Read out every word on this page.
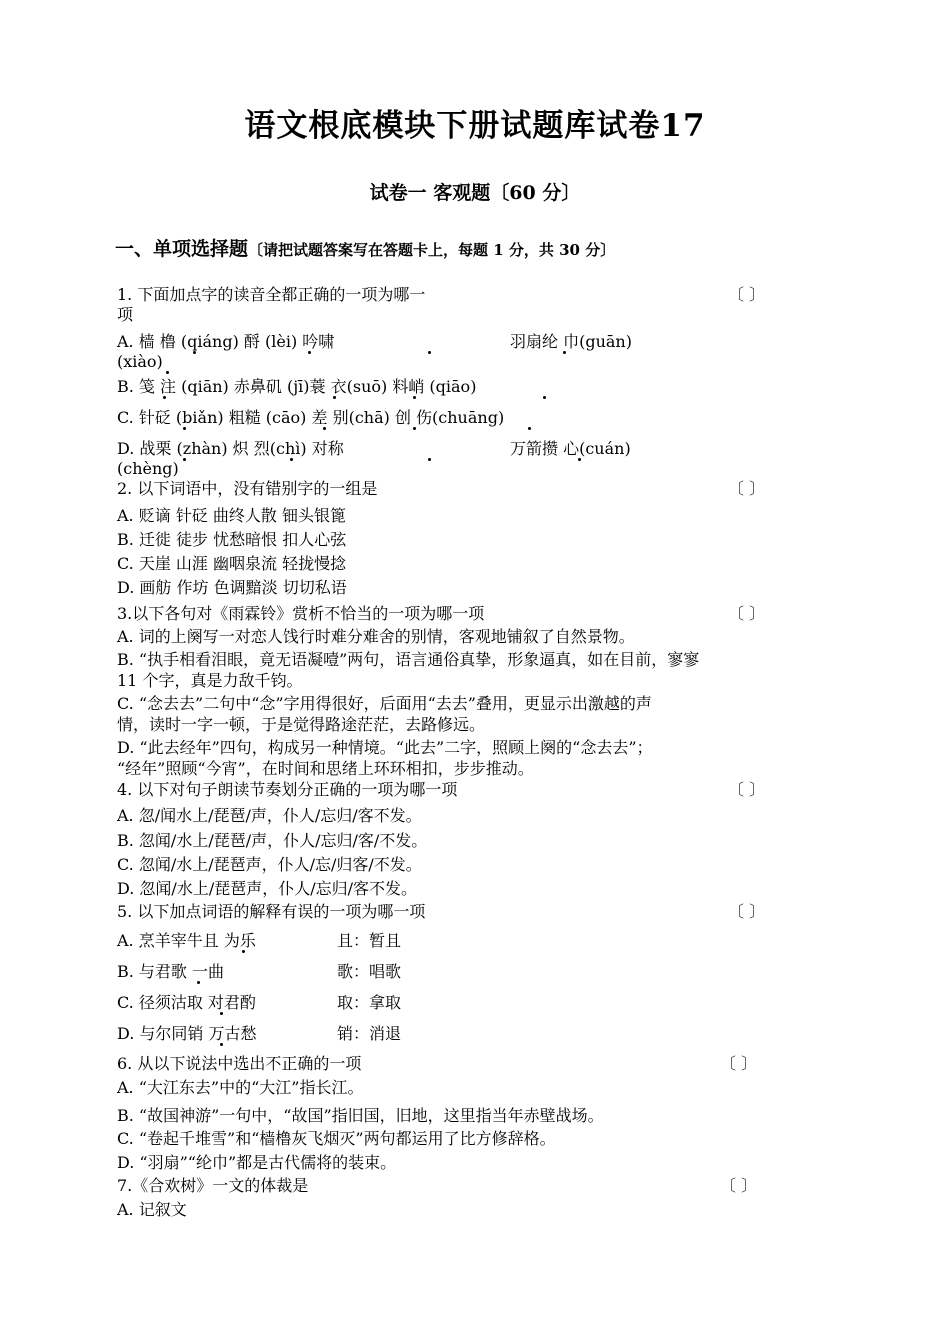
语文根底模块下册试题库试卷17
试卷一 客观题〔60 分〕
一、单项选择题〔请把试题答案写在答题卡上，每题 1 分，共 30 分〕
1. 下面加点字的读音全都正确的一项为哪一	〔 〕
项
A. 樯 橹 (qiáng) 酹 (lèi) 吟啸	羽扇纶 巾(guān)
(xiào)
B. 笺 注 (qiān) 赤鼻矶 (jī)蓑 衣(suō) 料峭 (qiāo)
C. 针砭 (biǎn) 粗糙 (cāo) 差 别(chā) 创 伤(chuāng)
D. 战栗 (zhàn) 炽 烈(chì) 对称	万箭攒 心(cuán)
(chèng)
2. 以下词语中，没有错别字的一组是	〔 〕
A. 贬谪 针砭 曲终人散 钿头银篦
B. 迁徙 徒步 忧愁暗恨 扣人心弦
C. 天崖 山涯 幽咽泉流 轻拢慢捻
D. 画舫 作坊 色调黯淡 切切私语
3.以下各句对《雨霖铃》赏析不恰当的一项为哪一项	〔 〕
A. 词的上阕写一对恋人饯行时难分难舍的别情，客观地铺叙了自然景物。
B. “执手相看泪眼，竟无语凝噎”两句，语言通俗真挚，形象逼真，如在目前，寥寥
11 个字，真是力敌千钧。
C. “念去去”二句中“念”字用得很好，后面用“去去”叠用，更显示出激越的声
情，读时一字一顿，于是觉得路途茫茫，去路修远。
D. “此去经年”四句，构成另一种情境。“此去”二字，照顾上阕的“念去去”；
“经年”照顾“今宵”，在时间和思绪上环环相扣，步步推动。
4. 以下对句子朗读节奏划分正确的一项为哪一项	〔 〕
A. 忽/闻水上/琵琶/声，仆人/忘归/客不发。
B. 忽闻/水上/琵琶/声，仆人/忘归/客/不发。
C. 忽闻/水上/琵琶声，仆人/忘/归客/不发。
D. 忽闻/水上/琵琶声，仆人/忘归/客不发。
5. 以下加点词语的解释有误的一项为哪一项	〔 〕
A. 烹羊宰牛且 为乐	且：暂且
B. 与君歌 一曲	歌：唱歌
C. 径须沽取 对君酌	取：拿取
D. 与尔同销 万古愁	销：消退
6. 从以下说法中选出不正确的一项	〔 〕
A. “大江东去”中的“大江”指长江。
B. “故国神游”一句中，“故国”指旧国，旧地，这里指当年赤壁战场。
C. “卷起千堆雪”和“樯橹灰飞烟灭”两句都运用了比方修辞格。
D. “羽扇”“纶巾”都是古代儒将的装束。
7.《合欢树》一文的体裁是	〔 〕
A. 记叙文
